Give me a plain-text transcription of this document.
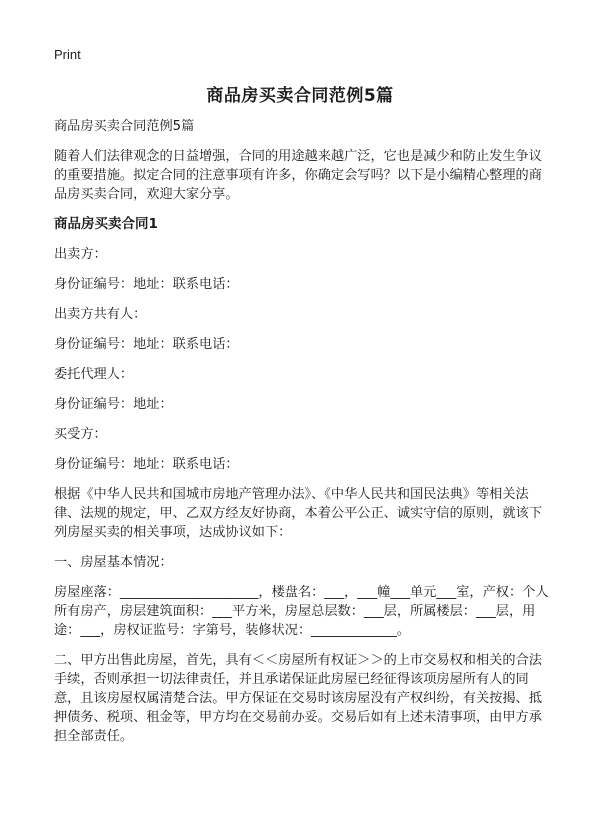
Print
商品房买卖合同范例5篇

商品房买卖合同范例5篇

随着人们法律观念的日益增强，合同的用途越来越广泛，它也是减少和防止发生争议的重要措施。拟定合同的注意事项有许多，你确定会写吗？以下是小编精心整理的商品房买卖合同，欢迎大家分享。

商品房买卖合同1

出卖方：

身份证编号：地址：联系电话：

出卖方共有人：

身份证编号：地址：联系电话：

委托代理人：

身份证编号：地址：

买受方：

身份证编号：地址：联系电话：

根据《中华人民共和国城市房地产管理办法》、《中华人民共和国民法典》等相关法律、法规的规定，甲、乙双方经友好协商，本着公平公正、诚实守信的原则，就该下列房屋买卖的相关事项，达成协议如下：

一、房屋基本情况：

房屋座落：_____________________，楼盘名：___，___幢___单元___室，产权：个人所有房产，房层建筑面积：___平方米，房屋总层数：___层，所属楼层：___层，用途：___，房权证监号：字第号，装修状况：_____________。

二、甲方出售此房屋，首先，具有＜＜房屋所有权证＞＞的上市交易权和相关的合法手续，否则承担一切法律责任，并且承诺保证此房屋已经征得该项房屋所有人的同意，且该房屋权属清楚合法。甲方保证在交易时该房屋没有产权纠纷，有关按揭、抵押债务、税项、租金等，甲方均在交易前办妥。交易后如有上述未清事项，由甲方承担全部责任。
